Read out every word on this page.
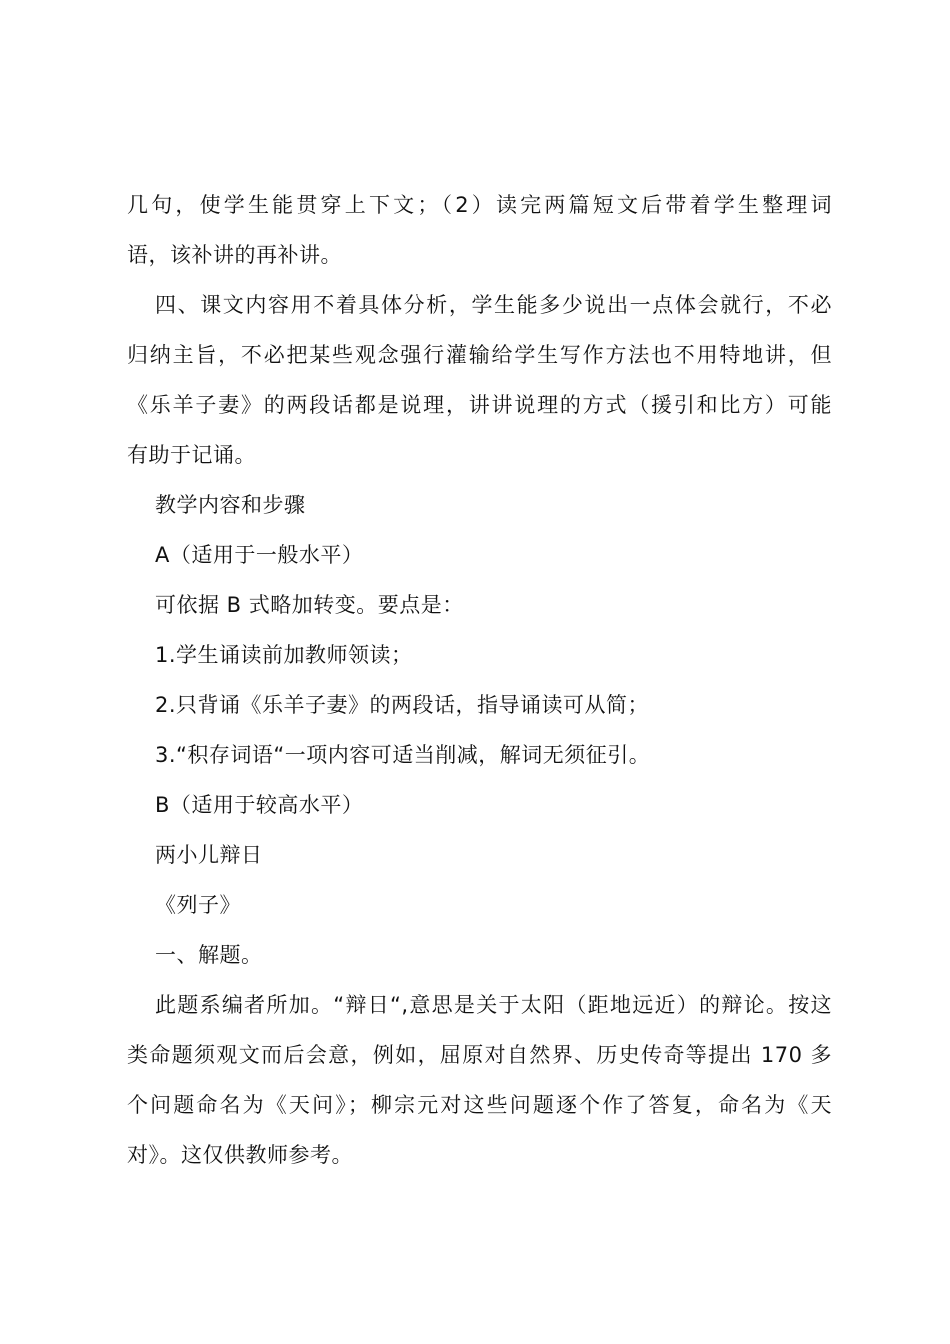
几句，使学生能贯穿上下文；（2）读完两篇短文后带着学生整理词
语，该补讲的再补讲。
四、课文内容用不着具体分析，学生能多少说出一点体会就行，不必
归纳主旨，不必把某些观念强行灌输给学生写作方法也不用特地讲，但
《乐羊子妻》的两段话都是说理，讲讲说理的方式（援引和比方）可能
有助于记诵。
教学内容和步骤
A（适用于一般水平）
可依据 B 式略加转变。要点是：
1.学生诵读前加教师领读；
2.只背诵《乐羊子妻》的两段话，指导诵读可从简；
3.“积存词语“一项内容可适当削减，解词无须征引。
B（适用于较高水平）
两小儿辩日
《列子》
一、解题。
此题系编者所加。“辩日“,意思是关于太阳（距地远近）的辩论。按这
类命题须观文而后会意，例如，屈原对自然界、历史传奇等提出 170 多
个问题命名为《天问》；柳宗元对这些问题逐个作了答复，命名为《天
对》。这仅供教师参考。
